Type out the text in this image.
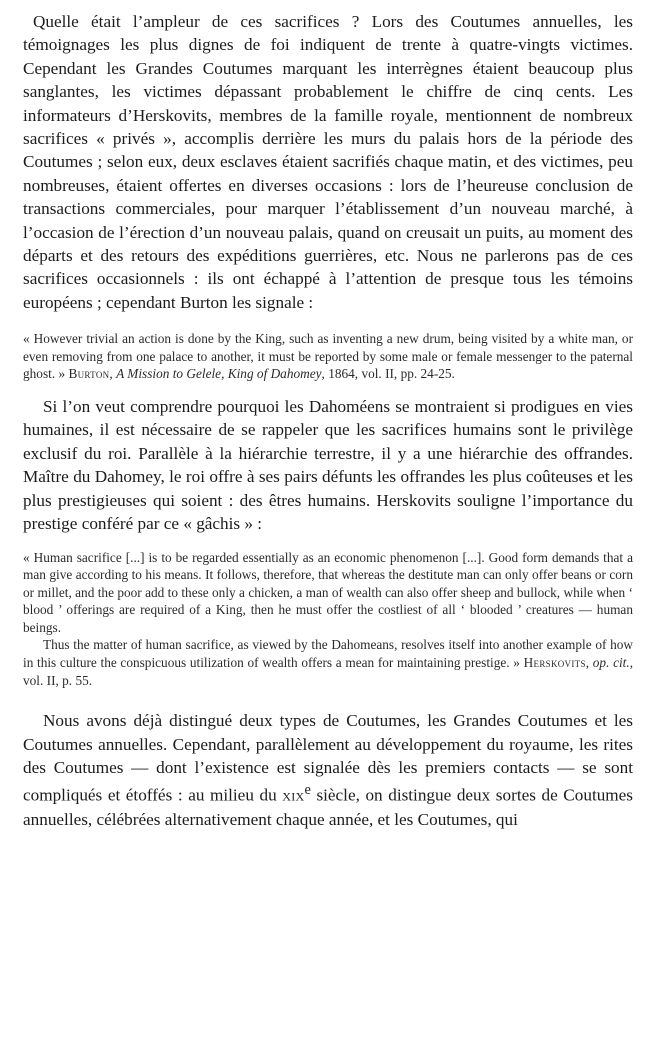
Quelle était l’ampleur de ces sacrifices ? Lors des Coutumes annuelles, les témoignages les plus dignes de foi indiquent de trente à quatre-vingts victimes. Cependant les Grandes Coutumes marquant les interrègnes étaient beaucoup plus sanglantes, les victimes dépassant probablement le chiffre de cinq cents. Les informateurs d’Herskovits, membres de la famille royale, mentionnent de nombreux sacrifices « privés », accomplis derrière les murs du palais hors de la période des Coutumes ; selon eux, deux esclaves étaient sacrifiés chaque matin, et des victimes, peu nombreuses, étaient offertes en diverses occasions : lors de l’heureuse conclusion de transactions commerciales, pour marquer l’établissement d’un nouveau marché, à l’occasion de l’érection d’un nouveau palais, quand on creusait un puits, au moment des départs et des retours des expéditions guerrières, etc. Nous ne parlerons pas de ces sacrifices occasionnels : ils ont échappé à l’attention de presque tous les témoins européens ; cependant Burton les signale :

« However trivial an action is done by the King, such as inventing a new drum, being visited by a white man, or even removing from one palace to another, it must be reported by some male or female messenger to the paternal ghost. » Burton, A Mission to Gelele, King of Dahomey, 1864, vol. II, pp. 24-25.

Si l’on veut comprendre pourquoi les Dahoméens se montraient si prodigues en vies humaines, il est nécessaire de se rappeler que les sacrifices humains sont le privilège exclusif du roi. Parallèle à la hiérarchie terrestre, il y a une hiérarchie des offrandes. Maître du Dahomey, le roi offre à ses pairs défunts les offrandes les plus coûteuses et les plus prestigieuses qui soient : des êtres humains. Herskovits souligne l’importance du prestige conféré par ce « gâchis » :

« Human sacrifice [...] is to be regarded essentially as an economic phenomenon [...]. Good form demands that a man give according to his means. It follows, therefore, that whereas the destitute man can only offer beans or corn or millet, and the poor add to these only a chicken, a man of wealth can also offer sheep and bullock, while when ‘ blood ’ offerings are required of a King, then he must offer the costliest of all ‘ blooded ’ creatures — human beings.
Thus the matter of human sacrifice, as viewed by the Dahomeans, resolves itself into another example of how in this culture the conspicuous utilization of wealth offers a mean for maintaining prestige. » Herskovits, op. cit., vol. II, p. 55.

Nous avons déjà distingué deux types de Coutumes, les Grandes Coutumes et les Coutumes annuelles. Cependant, parallèlement au développement du royaume, les rites des Coutumes — dont l’existence est signalée dès les premiers contacts — se sont compliqués et étoffés : au milieu du xix$^e$ siècle, on distingue deux sortes de Coutumes annuelles, célébrées alternativement chaque année, et les Coutumes, qui
